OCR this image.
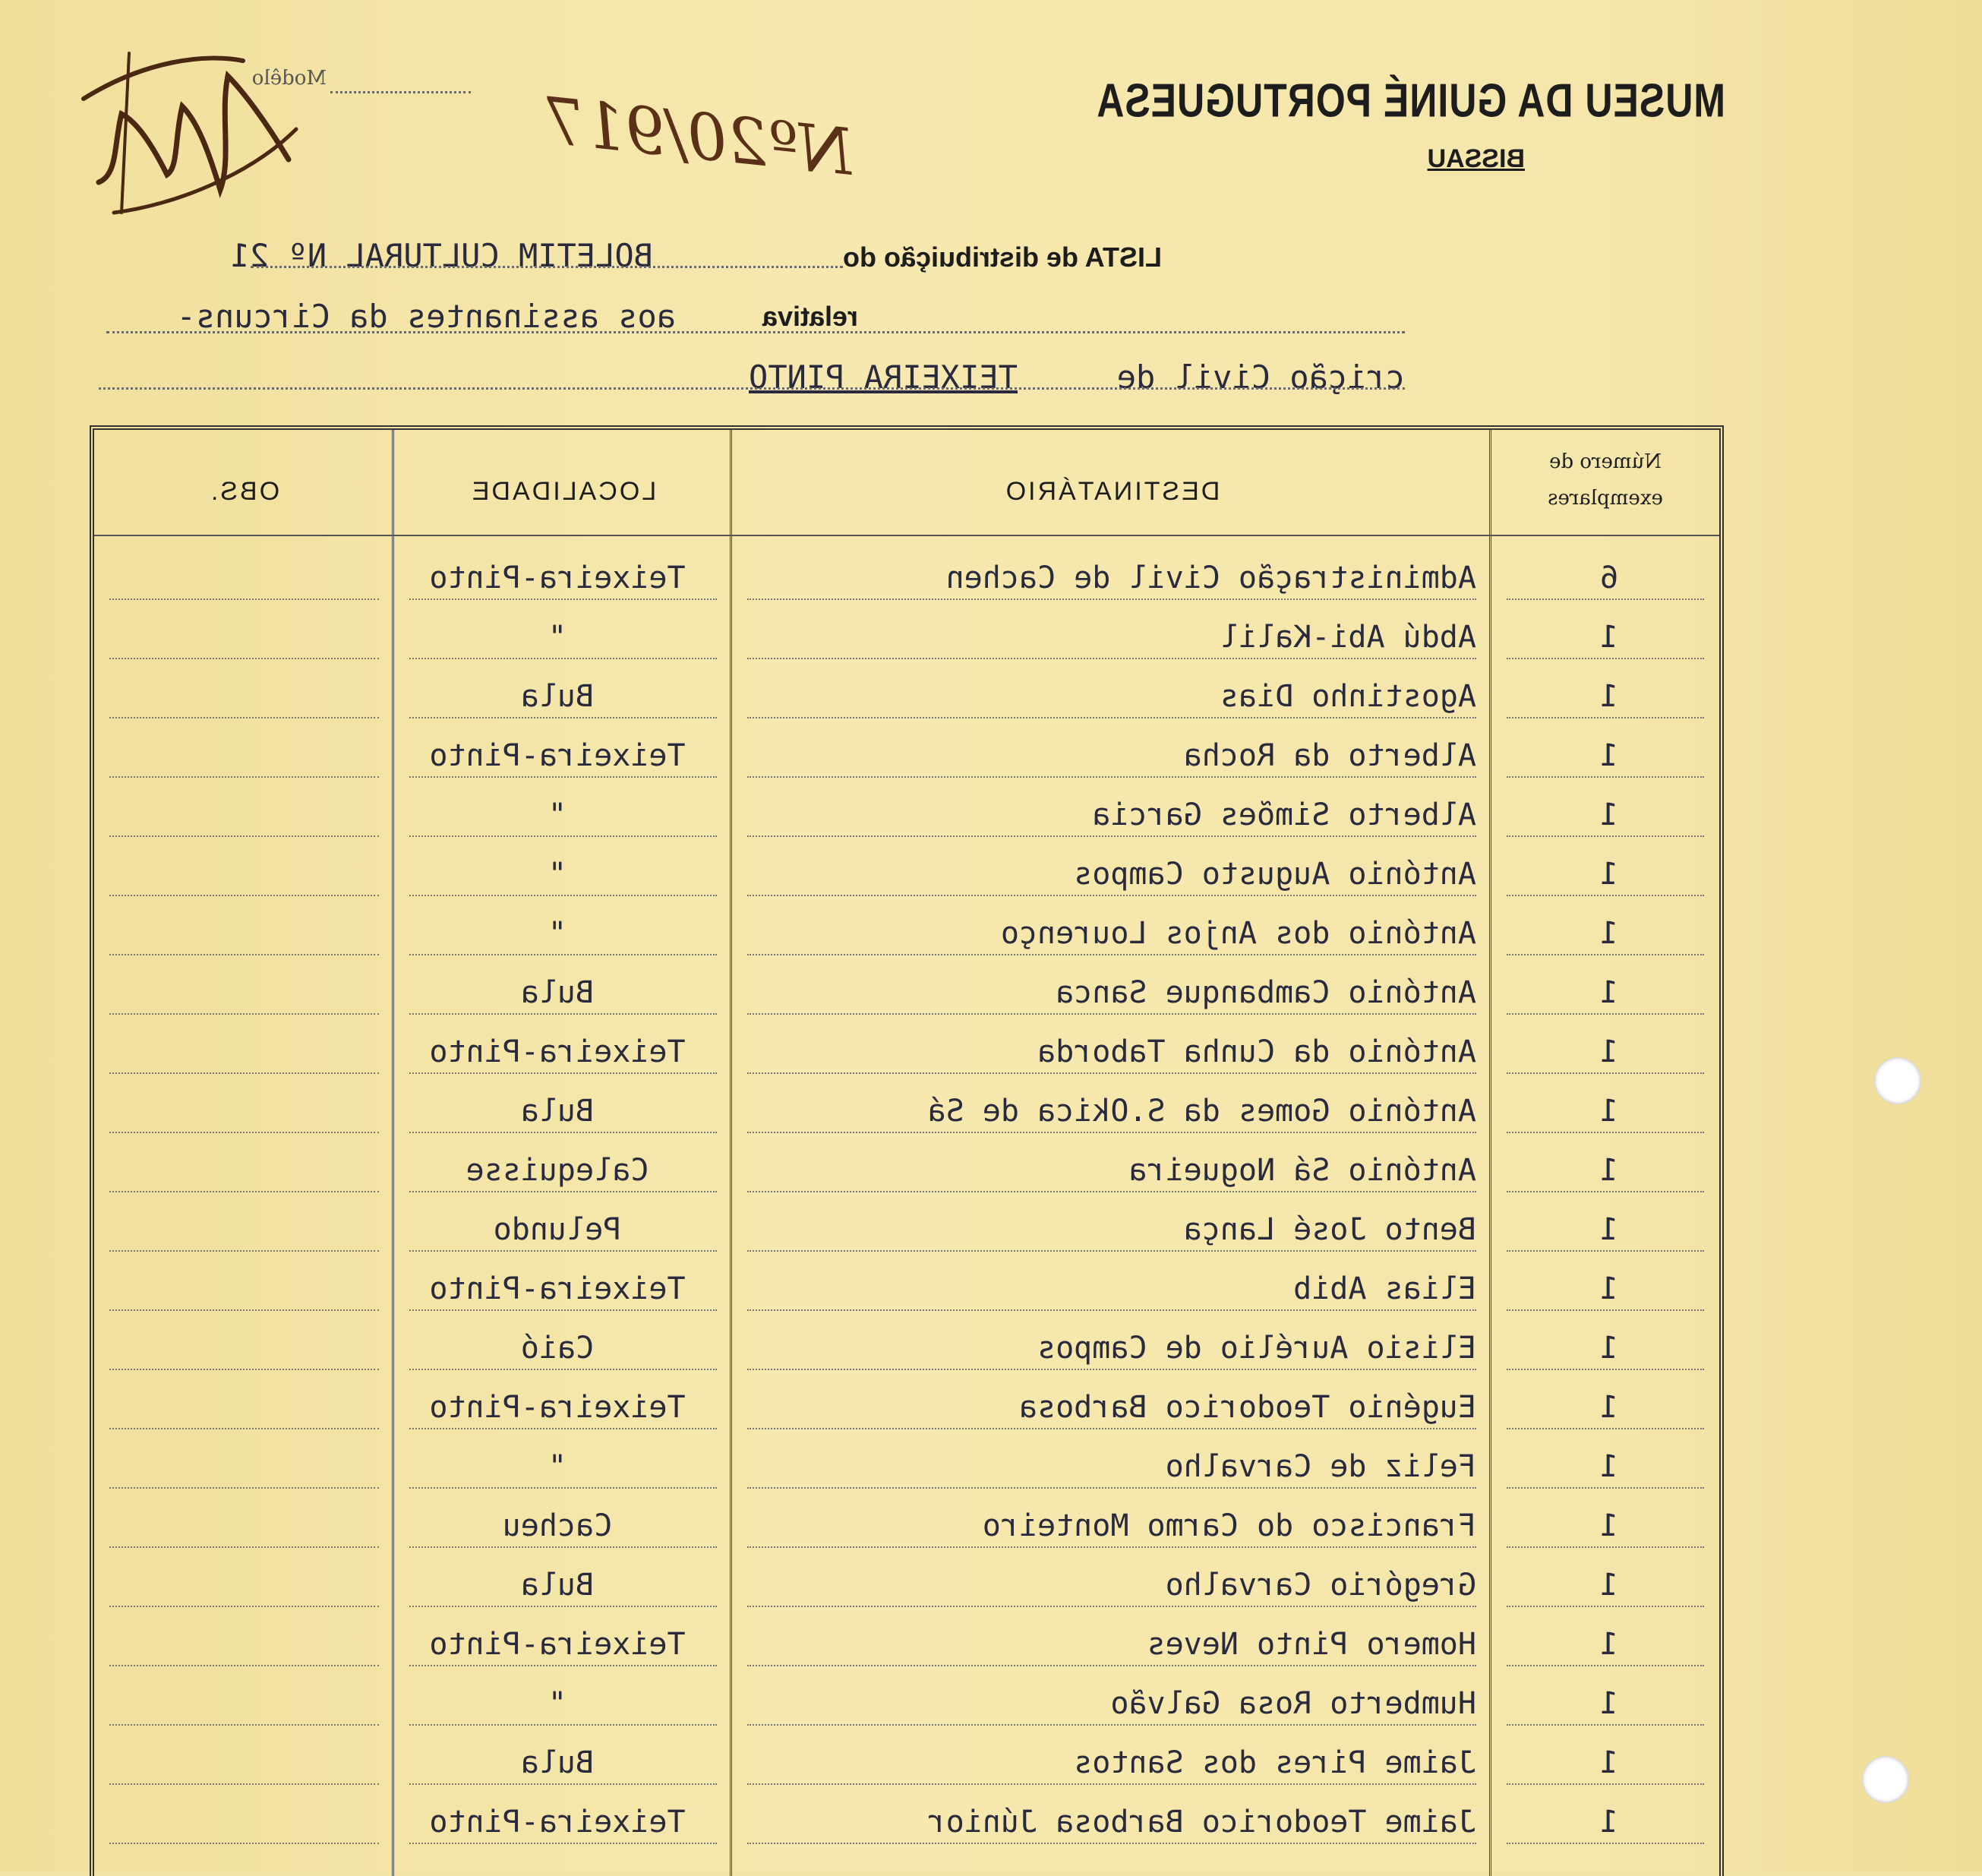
MUSEU DA GUINÉ PORTUGUESA
BISSAU
Modêlo
Nº20/917
LISTA de distribuição do
BOLETIM CULTURAL Nº 21
relativa
aos assinantes da Circuns-
crição Civil de
TEIXEIRA PINTO
Número de exemplares
DESTINATÁRIO
LOCALIDADE
OBS.
6
Administração Civil de Cachen
Teixeira-Pinto
1
Abdú Abi-Kalil
"
1
Agostinho Dias
Bula
1
Alberto da Rocha
Teixeira-Pinto
1
Alberto Simões Garcia
"
1
António Augusto Campos
"
1
António dos Anjos Lourenço
"
1
António Cambanque Sanca
Bula
1
António da Cunha Taborda
Teixeira-Pinto
1
António Gomes da S.Okica de Sá
Bula
1
António Sá Nogueira
Calequisse
1
Bento José Lança
Pelundo
1
Elias Abib
Teixeira-Pinto
1
Elisio Aurélio de Campos
Caió
1
Eugénio Teodorico Barbosa
Teixeira-Pinto
1
Feliz de Carvalho
"
1
Francisco do Carmo Monteiro
Cacheu
1
Gregório Carvalho
Bula
1
Homero Pinto Neves
Teixeira-Pinto
1
Humberto Rosa Galvão
"
1
Jaime Pires dos Santos
Bula
1
Jaime Teodorico Barbosa Júnior
Teixeira-Pinto
